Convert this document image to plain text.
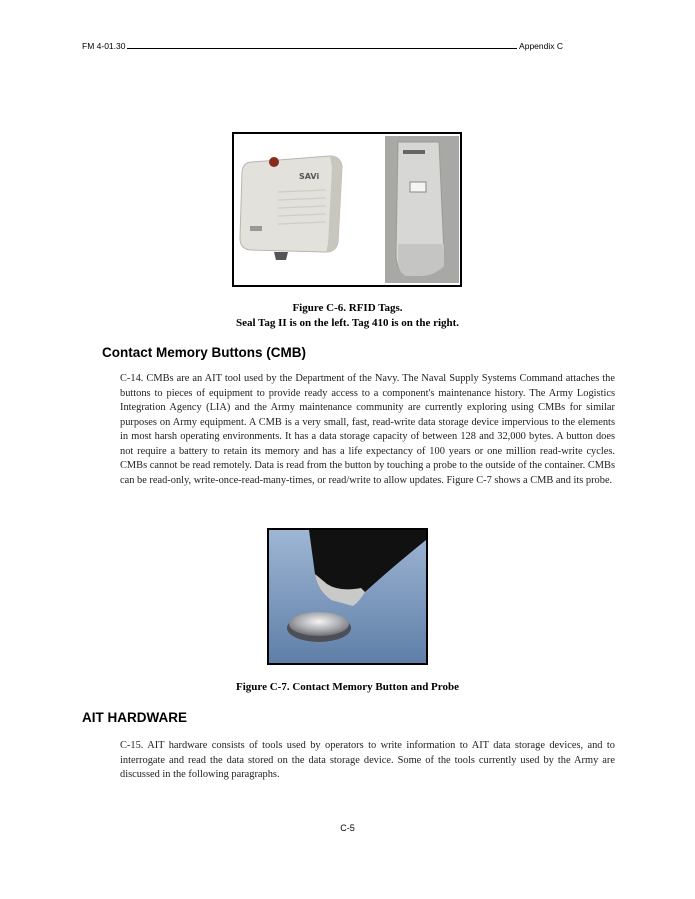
FM 4-01.30	Appendix C
SAVi
Figure C-6. RFID Tags.
Seal Tag II is on the left. Tag 410 is on the right.
Contact Memory Buttons (CMB)
C-14. CMBs are an AIT tool used by the Department of the Navy. The Naval Supply Systems Command attaches the buttons to pieces of equipment to provide ready access to a component's maintenance history. The Army Logistics Integration Agency (LIA) and the Army maintenance community are currently exploring using CMBs for similar purposes on Army equipment. A CMB is a very small, fast, read-write data storage device impervious to the elements in most harsh operating environments. It has a data storage capacity of between 128 and 32,000 bytes. A button does not require a battery to retain its memory and has a life expectancy of 100 years or one million read-write cycles. CMBs cannot be read remotely. Data is read from the button by touching a probe to the outside of the container. CMBs can be read-only, write-once-read-many-times, or read/write to allow updates. Figure C-7 shows a CMB and its probe.
Figure C-7. Contact Memory Button and Probe
AIT HARDWARE
C-15. AIT hardware consists of tools used by operators to write information to AIT data storage devices, and to interrogate and read the data stored on the data storage device. Some of the tools currently used by the Army are discussed in the following paragraphs.
C-5
